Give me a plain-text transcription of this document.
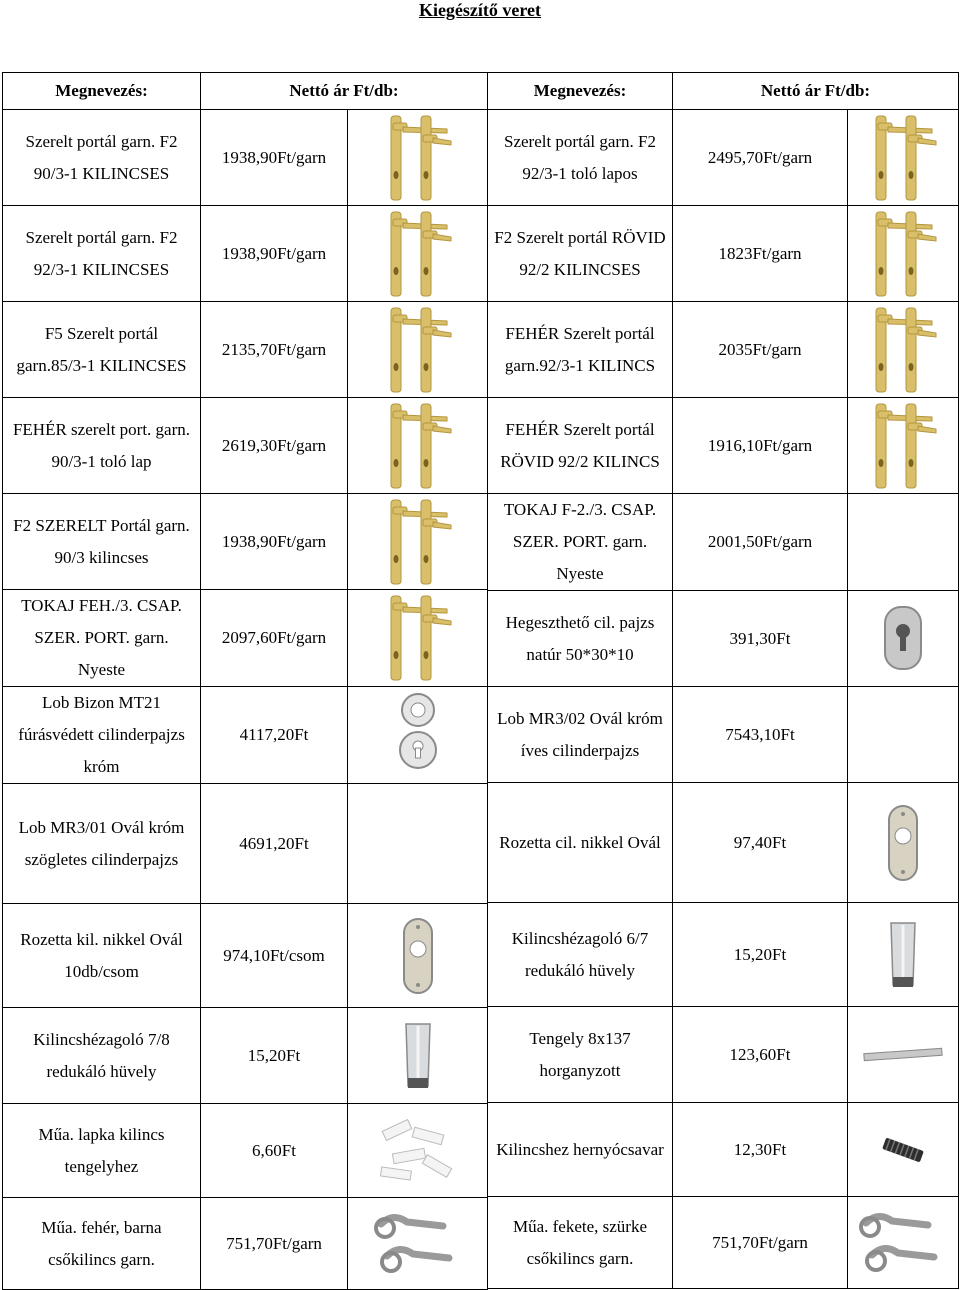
Kiegészítő veret
Megnevezés:	Nettó ár Ft/db:	

Szerelt portál garn. F2 90/3-1 KILINCSES	1938,90Ft/garn	

Szerelt portál garn. F2 92/3-1 KILINCSES	1938,90Ft/garn	

F5 Szerelt portál garn.85/3-1 KILINCSES	2135,70Ft/garn	

FEHÉR szerelt port. garn. 90/3-1 toló lap	2619,30Ft/garn	

F2 SZERELT Portál garn. 90/3 kilincses	1938,90Ft/garn	

TOKAJ FEH./3. CSAP. SZER. PORT. garn. Nyeste	2097,60Ft/garn	

Lob Bizon MT21 fúrásvédett cilinderpajzs króm	4117,20Ft	

Lob MR3/01 Ovál króm szögletes cilinderpajzs	4691,20Ft	

Rozetta kil. nikkel Ovál 10db/csom	974,10Ft/csom	

Kilincshézagoló 7/8 redukáló hüvely	15,20Ft	

Műa. lapka kilincs tengelyhez	6,60Ft	

Műa. fehér, barna csőkilincs garn.	751,70Ft/garn	
Megnevezés:	Nettó ár Ft/db:	

Szerelt portál garn. F2 92/3-1 toló lapos	2495,70Ft/garn	

F2 Szerelt portál RÖVID 92/2 KILINCSES	1823Ft/garn	

FEHÉR Szerelt portál garn.92/3-1 KILINCS	2035Ft/garn	

FEHÉR Szerelt portál RÖVID 92/2 KILINCS	1916,10Ft/garn	

TOKAJ F-2./3. CSAP. SZER. PORT. garn. Nyeste	2001,50Ft/garn	

Hegeszthető cil. pajzs natúr 50*30*10	391,30Ft	

Lob MR3/02 Ovál króm íves cilinderpajzs	7543,10Ft	

Rozetta cil. nikkel Ovál	97,40Ft	

Kilincshézagoló 6/7 redukáló hüvely	15,20Ft	

Tengely 8x137 horganyzott	123,60Ft	

Kilincshez hernyócsavar	12,30Ft	

Műa. fekete, szürke csőkilincs garn.	751,70Ft/garn	
